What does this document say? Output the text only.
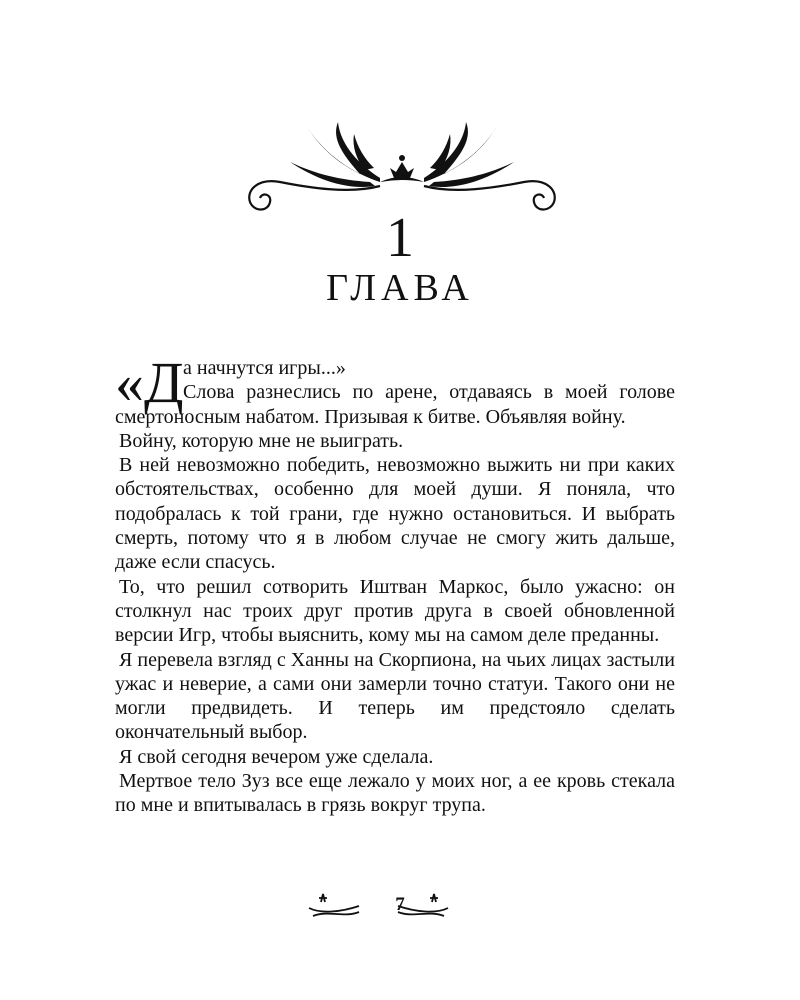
1
ГЛАВА
«Д а начнутся игры...»

Слова разнеслись по арене, отдаваясь в моей голове смертоносным набатом. Призывая к битве. Объявляя войну.

Войну, которую мне не выиграть.

В ней невозможно победить, невозможно выжить ни при каких обстоятельствах, особенно для моей души. Я поняла, что подобралась к той грани, где нужно остановиться. И выбрать смерть, потому что я в любом случае не смогу жить дальше, даже если спасусь.

То, что решил сотворить Иштван Маркос, было ужасно: он столкнул нас троих друг против друга в своей обновленной версии Игр, чтобы выяснить, кому мы на самом деле преданны.

Я перевела взгляд с Ханны на Скорпиона, на чьих лицах застыли ужас и неверие, а сами они замерли точно статуи. Такого они не могли предвидеть. И теперь им предстояло сделать окончательный выбор.

Я свой сегодня вечером уже сделала.

Мертвое тело Зуз все еще лежало у моих ног, а ее кровь стекала по мне и впитывалась в грязь вокруг трупа.

7
